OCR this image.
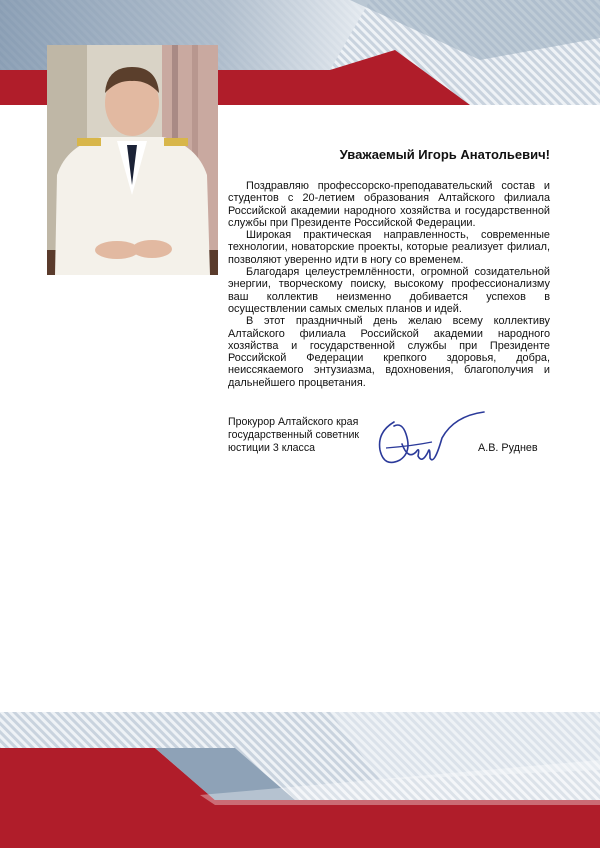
Уважаемый Игорь Анатольевич!

Поздравляю профессорско-преподавательский состав и студентов с 20-летием образования Алтайского филиала Российской академии народного хозяйства и государственной службы при Президенте Российской Федерации.

Широкая практическая направленность, современные технологии, новаторские проекты, которые реализует филиал, позволяют уверенно идти в ногу со временем.

Благодаря целеустремлённости, огромной созидательной энергии, творческому поиску, высокому профессионализму ваш коллектив неизменно добивается успехов в осуществлении самых смелых планов и идей.

В этот праздничный день желаю всему коллективу Алтайского филиала Российской академии народного хозяйства и государственной службы при Президенте Российской Федерации крепкого здоровья, добра, неиссякаемого энтузиазма, вдохновения, благополучия и дальнейшего процветания.

Прокурор Алтайского края
государственный советник
юстиции 3 класса	А.В. Руднев
